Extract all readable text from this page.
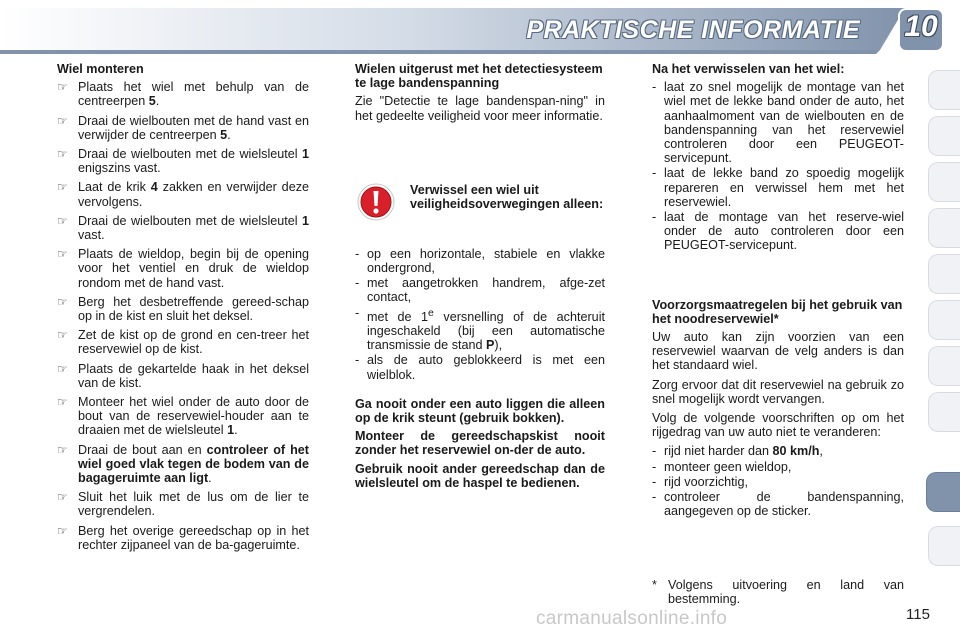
PRAKTISCHE INFORMATIE 10
Wiel monteren
☞ Plaats het wiel met behulp van de centreerpen 5.
☞ Draai de wielbouten met de hand vast en verwijder de centreerpen 5.
☞ Draai de wielbouten met de wielsleutel 1 enigszins vast.
☞ Laat de krik 4 zakken en verwijder deze vervolgens.
☞ Draai de wielbouten met de wielsleutel 1 vast.
☞ Plaats de wieldop, begin bij de opening voor het ventiel en druk de wieldop rondom met de hand vast.
☞ Berg het desbetreffende gereed-schap op in de kist en sluit het deksel.
☞ Zet de kist op de grond en cen-treer het reservewiel op de kist.
☞ Plaats de gekartelde haak in het deksel van de kist.
☞ Monteer het wiel onder de auto door de bout van de reservewiel-houder aan te draaien met de wielsleutel 1.
☞ Draai de bout aan en controleer of het wiel goed vlak tegen de bodem van de bagageruimte aan ligt.
☞ Sluit het luik met de lus om de lier te vergrendelen.
☞ Berg het overige gereedschap op in het rechter zijpaneel van de ba-gageruimte.
Wielen uitgerust met het detectiesysteem te lage bandenspanning

Zie "Detectie te lage bandenspan-ning" in het gedeelte veiligheid voor meer informatie.

Verwissel een wiel uit veiligheidsoverwegingen alleen:
- op een horizontale, stabiele en vlakke ondergrond,
- met aangetrokken handrem, afge-zet contact,
- met de 1e versnelling of de achteruit ingeschakeld (bij een automatische transmissie de stand P),
- als de auto geblokkeerd is met een wielblok.
Ga nooit onder een auto liggen die alleen op de krik steunt (gebruik bokken).
Monteer de gereedschapskist nooit zonder het reservewiel on-der de auto.
Gebruik nooit ander gereedschap dan de wielsleutel om de haspel te bedienen.
Na het verwisselen van het wiel:
- laat zo snel mogelijk de montage van het wiel met de lekke band onder de auto, het aanhaalmoment van de wielbouten en de bandenspanning van het reservewiel controleren door een PEUGEOT-servicepunt.
- laat de lekke band zo spoedig mogelijk repareren en verwissel hem met het reservewiel.
- laat de montage van het reserve-wiel onder de auto controleren door een PEUGEOT-servicepunt.
Voorzorgsmaatregelen bij het gebruik van het noodreservewiel*

Uw auto kan zijn voorzien van een reservewiel waarvan de velg anders is dan het standaard wiel.

Zorg ervoor dat dit reservewiel na gebruik zo snel mogelijk wordt vervangen.

Volg de volgende voorschriften op om het rijgedrag van uw auto niet te veranderen:

- rijd niet harder dan 80 km/h,
- monteer geen wieldop,
- rijd voorzichtig,
- controleer de bandenspanning, aangegeven op de sticker.
* Volgens uitvoering en land van bestemming.
carmanualsonline.info	115
